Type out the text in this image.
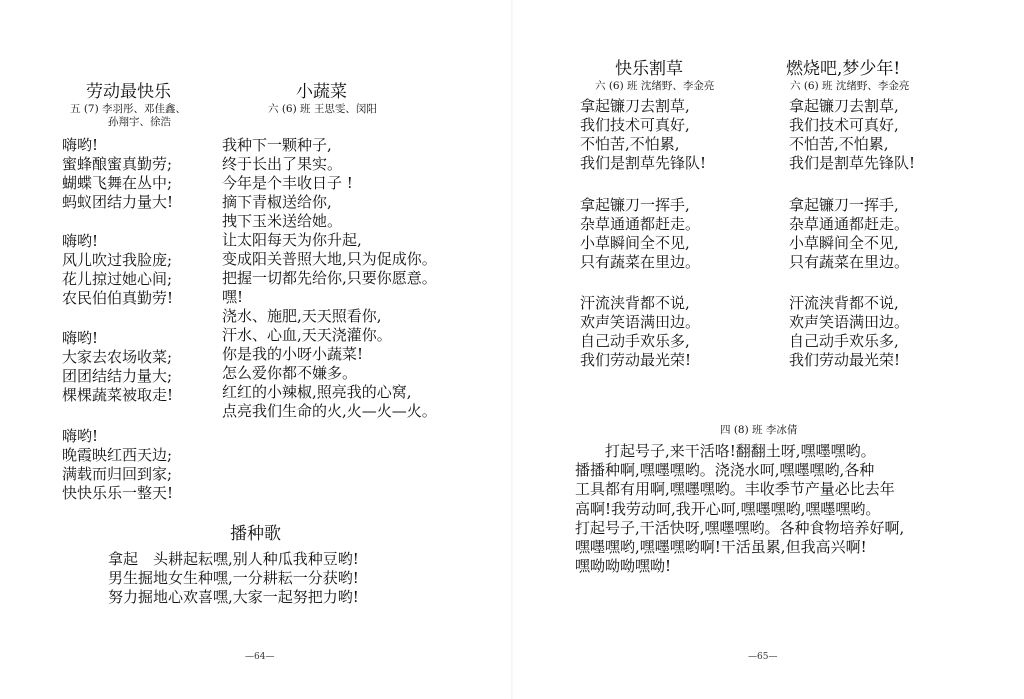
劳动最快乐
五 (7) 李羽彤、邓佳鑫、
孙翔宇、徐浩
嗨哟!
蜜蜂酿蜜真勤劳;
蝴蝶飞舞在丛中;
蚂蚁团结力量大!
嗨哟!
风儿吹过我脸庞;
花儿掠过她心间;
农民伯伯真勤劳!
嗨哟!
大家去农场收菜;
团团结结力量大;
棵棵蔬菜被取走!
嗨哟!
晚霞映红西天边;
满载而归回到家;
快快乐乐一整天!
小蔬菜
六 (6) 班 王思雯、闵阳
我种下一颗种子,
终于长出了果实。
今年是个丰收日子 !
摘下青椒送给你,
拽下玉米送给她。
让太阳每天为你升起,
变成阳关普照大地,只为促成你。
把握一切都先给你,只要你愿意。
嘿!
浇水、施肥,天天照看你,
汗水、心血,天天浇灌你。
你是我的小呀小蔬菜!
怎么爱你都不嫌多。
红红的小辣椒,照亮我的心窝,
点亮我们生命的火,火—火—火。
播种歌
拿起　头耕起耘嘿,别人种瓜我种豆哟!
男生掘地女生种嘿,一分耕耘一分获哟!
努力掘地心欢喜嘿,大家一起努把力哟!
—64—
快乐割草
六 (6) 班 沈绪野、李金亮
拿起镰刀去割草,
我们技术可真好,
不怕苦,不怕累,
我们是割草先锋队!
拿起镰刀一挥手,
杂草通通都赶走。
小草瞬间全不见,
只有蔬菜在里边。
汗流浃背都不说,
欢声笑语满田边。
自己动手欢乐多,
我们劳动最光荣!
燃烧吧,梦少年!
六 (6) 班 沈绪野、李金亮
拿起镰刀去割草,
我们技术可真好,
不怕苦,不怕累,
我们是割草先锋队!
拿起镰刀一挥手,
杂草通通都赶走。
小草瞬间全不见,
只有蔬菜在里边。
汗流浃背都不说,
欢声笑语满田边。
自己动手欢乐多,
我们劳动最光荣!
四 (8) 班 李冰倩
打起号子,来干活咯!翻翻土呀,嘿嚜嘿哟。
播播种啊,嘿嚜嘿哟。浇浇水呵,嘿嚜嘿哟,各种
工具都有用啊,嘿嚜嘿哟。丰收季节产量必比去年
高啊!我劳动呵,我开心呵,嘿嚜嘿哟,嘿嚜嘿哟。
打起号子,干活快呀,嘿嚜嘿哟。各种食物培养好啊,
嘿嚜嘿哟,嘿嚜嘿哟啊!干活虽累,但我高兴啊!
嘿呦呦呦嘿呦!
—65—
